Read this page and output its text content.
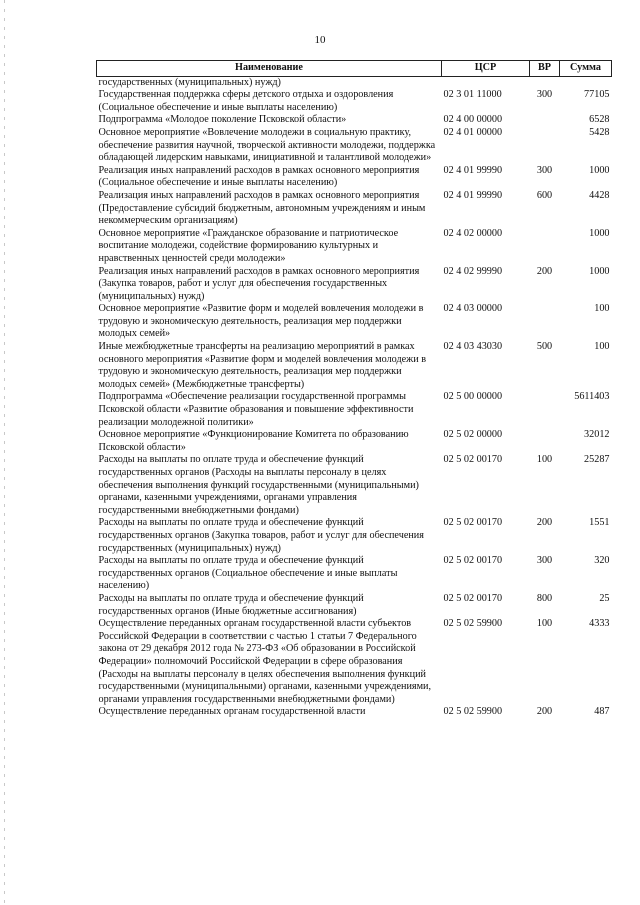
10
Наименование	ЦСР	ВР	Сумма
государственных (муниципальных) нужд)			
Государственная поддержка сферы детского отдыха и оздоровления (Социальное обеспечение и иные выплаты населению)	02 3 01 11000	300	77105
Подпрограмма «Молодое поколение Псковской области»	02 4 00 00000		6528
Основное мероприятие «Вовлечение молодежи в социальную практику, обеспечение развития научной, творческой активности молодежи, поддержка обладающей лидерским навыками, инициативной и талантливой молодежи»	02 4 01 00000		5428
Реализация иных направлений расходов в рамках основного мероприятия (Социальное обеспечение и иные выплаты населению)	02 4 01 99990	300	1000
Реализация иных направлений расходов в рамках основного мероприятия (Предоставление субсидий бюджетным, автономным учреждениям и иным некоммерческим организациям)	02 4 01 99990	600	4428
Основное мероприятие «Гражданское образование и патриотическое воспитание молодежи, содействие формированию культурных и нравственных ценностей среди молодежи»	02 4 02 00000		1000
Реализация иных направлений расходов в рамках основного мероприятия (Закупка товаров, работ и услуг для обеспечения государственных (муниципальных) нужд)	02 4 02 99990	200	1000
Основное мероприятие «Развитие форм и моделей вовлечения молодежи в трудовую и экономическую деятельность, реализация мер поддержки молодых семей»	02 4 03 00000		100
Иные межбюджетные трансферты на реализацию мероприятий в рамках основного мероприятия «Развитие форм и моделей вовлечения молодежи в трудовую и экономическую деятельность, реализация мер поддержки молодых семей» (Межбюджетные трансферты)	02 4 03 43030	500	100
Подпрограмма «Обеспечение реализации государственной программы Псковской области «Развитие образования и повышение эффективности реализации молодежной политики»	02 5 00 00000		5611403
Основное мероприятие «Функционирование Комитета по образованию Псковской области»	02 5 02 00000		32012
Расходы на выплаты по оплате труда и обеспечение функций государственных органов (Расходы на выплаты персоналу в целях обеспечения выполнения функций государственными (муниципальными) органами, казенными учреждениями, органами управления государственными внебюджетными фондами)	02 5 02 00170	100	25287
Расходы на выплаты по оплате труда и обеспечение функций государственных органов (Закупка товаров, работ и услуг для обеспечения государственных (муниципальных) нужд)	02 5 02 00170	200	1551
Расходы на выплаты по оплате труда и обеспечение функций государственных органов (Социальное обеспечение и иные выплаты населению)	02 5 02 00170	300	320
Расходы на выплаты по оплате труда и обеспечение функций государственных органов (Иные бюджетные ассигнования)	02 5 02 00170	800	25
Осуществление переданных органам государственной власти субъектов Российской Федерации в соответствии с частью 1 статьи 7 Федерального закона от 29 декабря 2012 года № 273-ФЗ «Об образовании в Российской Федерации» полномочий Российской Федерации в сфере образования (Расходы на выплаты персоналу в целях обеспечения выполнения функций государственными (муниципальными) органами, казенными учреждениями, органами управления государственными внебюджетными фондами)	02 5 02 59900	100	4333
Осуществление переданных органам государственной власти	02 5 02 59900	200	487
